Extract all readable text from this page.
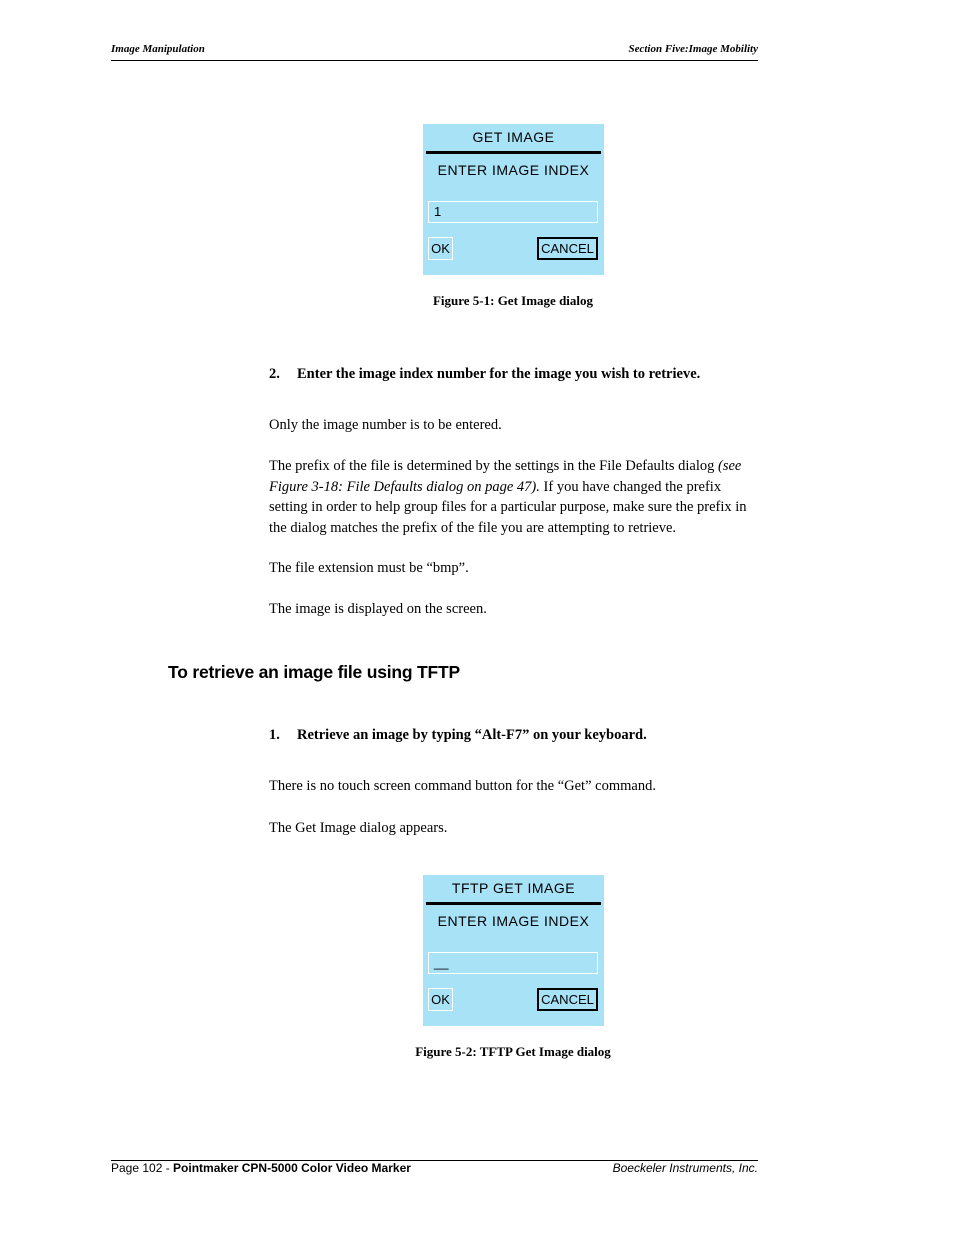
Image Manipulation	Section Five:Image Mobility
GET IMAGE
ENTER IMAGE INDEX
1
OK	CANCEL
Figure 5-1: Get Image dialog
2. Enter the image index number for the image you wish to retrieve.
Only the image number is to be entered.
The prefix of the file is determined by the settings in the File Defaults dialog (see Figure 3-18: File Defaults dialog on page 47). If you have changed the prefix setting in order to help group files for a particular purpose, make sure the prefix in the dialog matches the prefix of the file you are attempting to retrieve.
The file extension must be “bmp”.
The image is displayed on the screen.
To retrieve an image file using TFTP
1. Retrieve an image by typing “Alt-F7” on your keyboard.
There is no touch screen command button for the “Get” command.
The Get Image dialog appears.
TFTP GET IMAGE
ENTER IMAGE INDEX
__
OK	CANCEL
Figure 5-2: TFTP Get Image dialog
Page 102 - Pointmaker CPN-5000 Color Video Marker	Boeckeler Instruments, Inc.
